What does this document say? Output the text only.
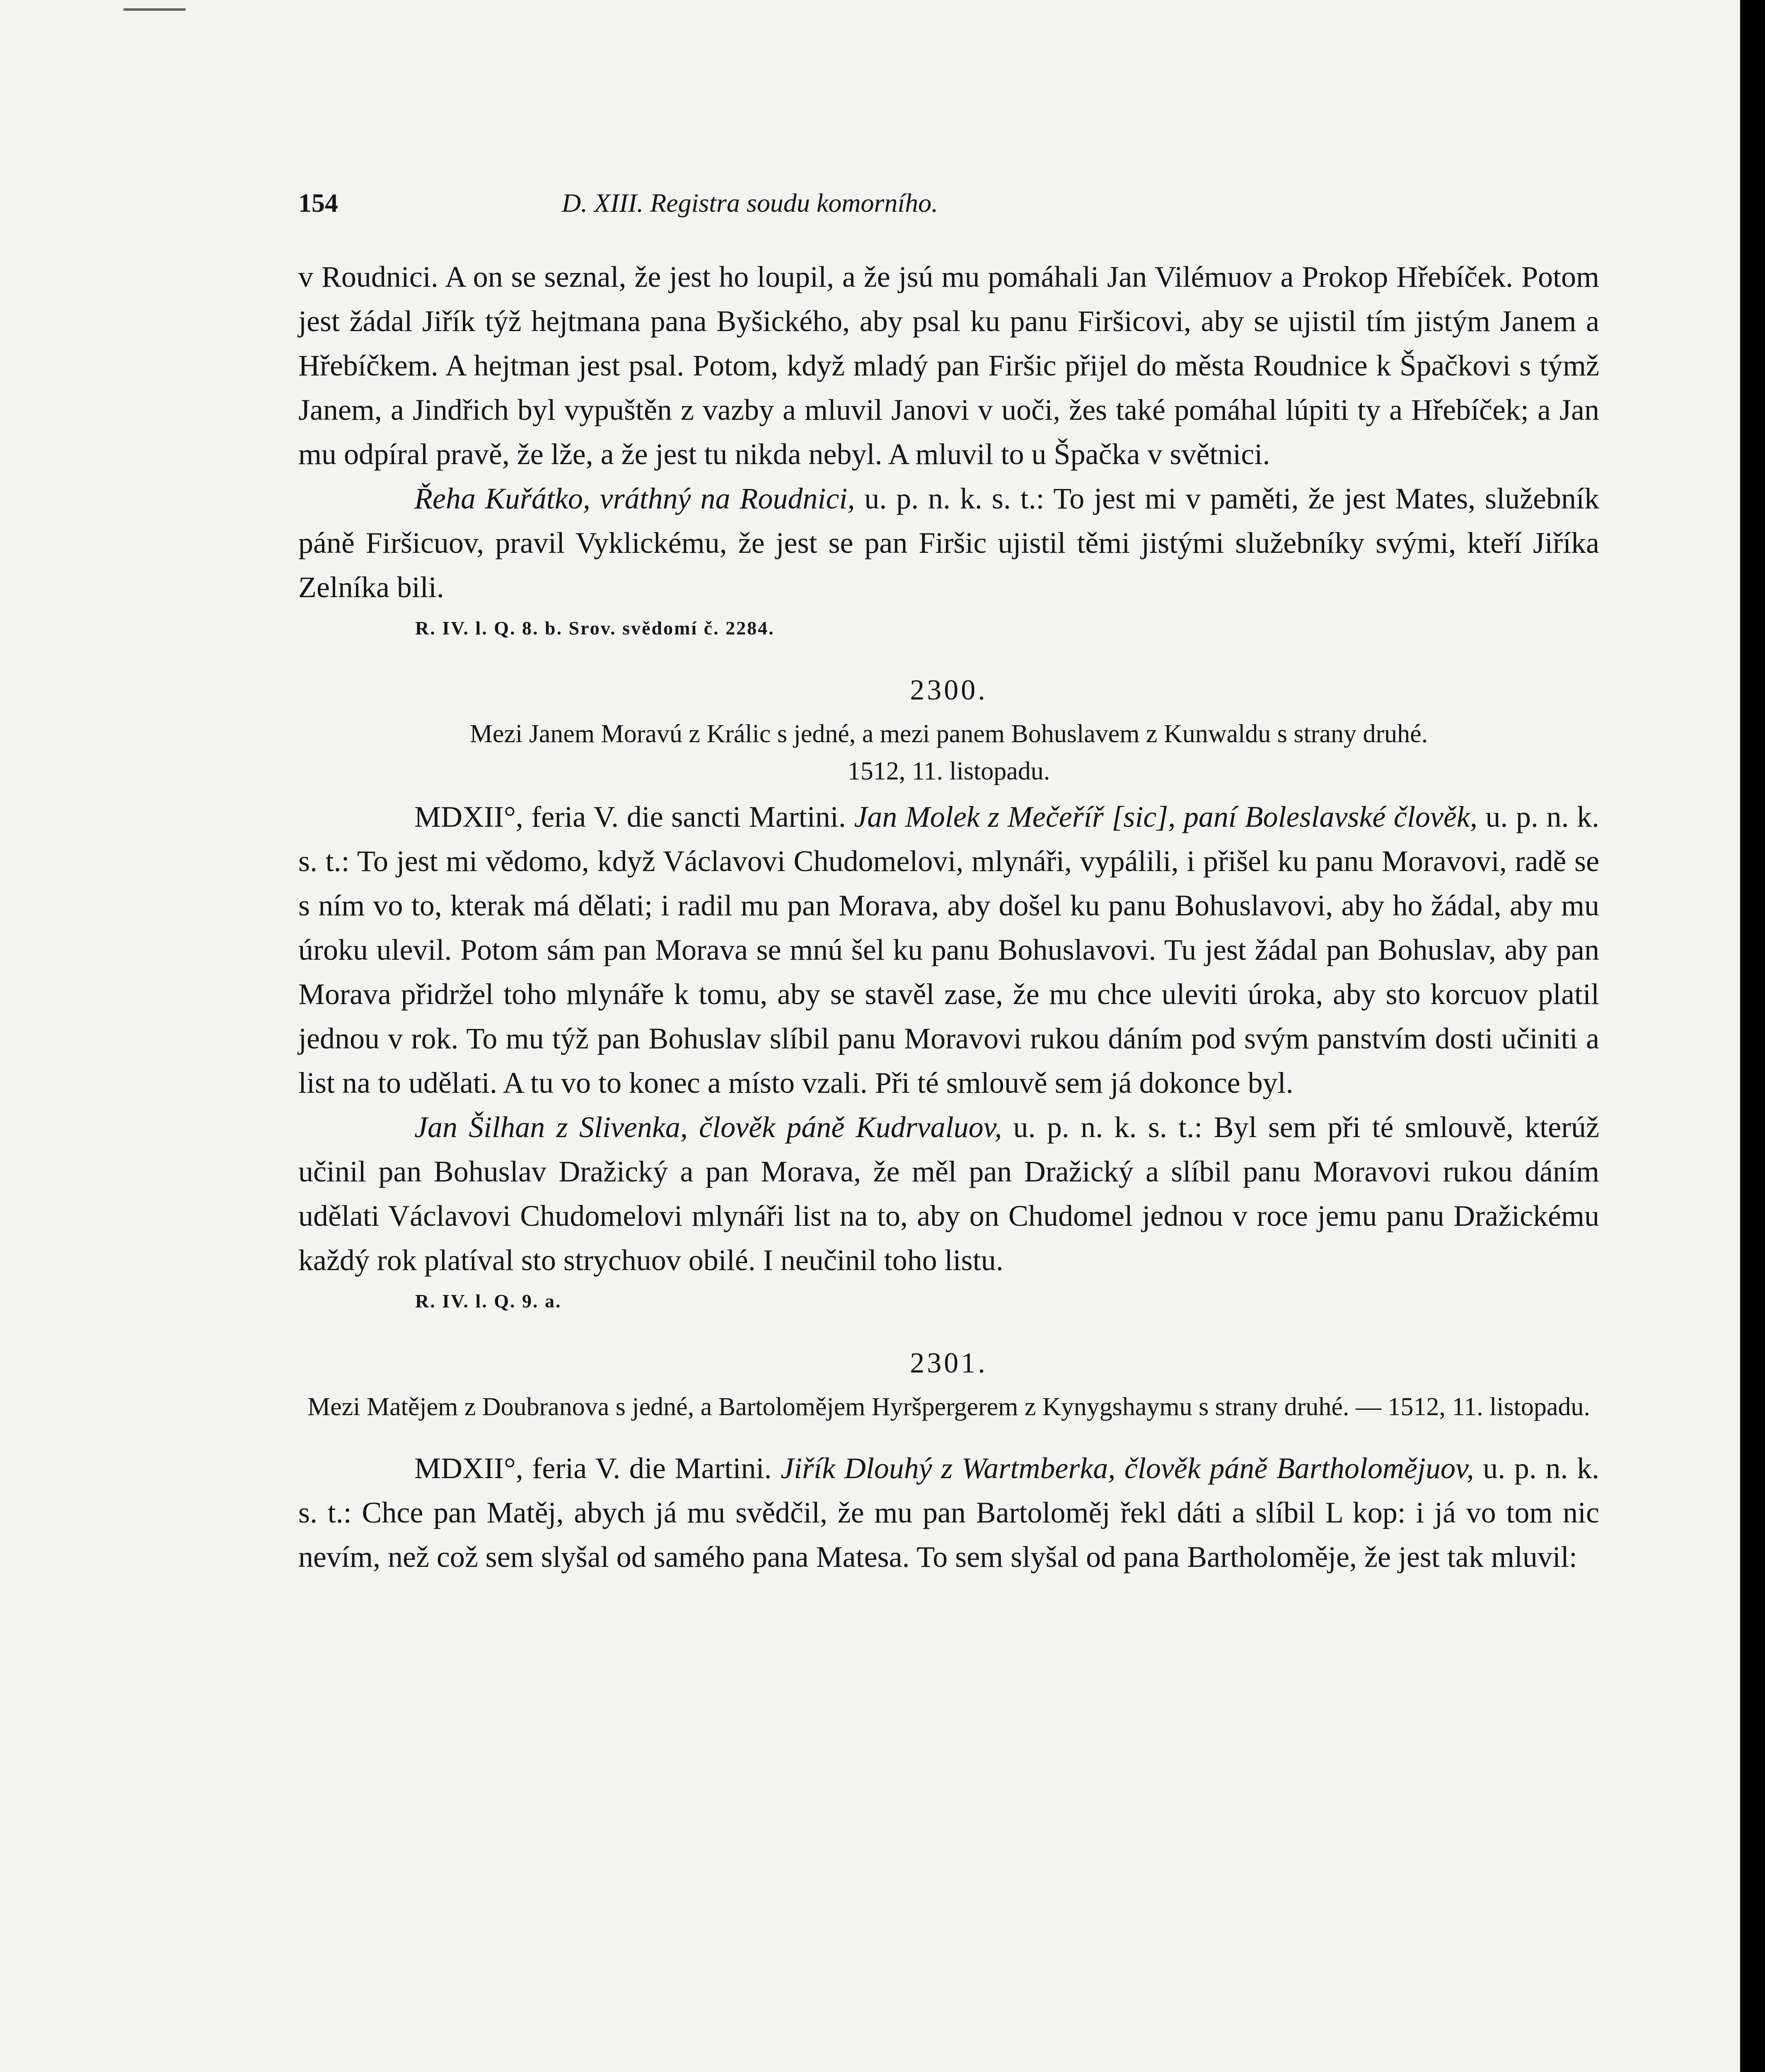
154	D. XIII. Registra soudu komorního.

v Roudnici. A on se seznal, že jest ho loupil, a že jsú mu pomáhali Jan Vilémuov a Prokop Hřebíček. Potom jest žádal Jiřík týž hejtmana pana Byšického, aby psal ku panu Firšicovi, aby se ujistil tím jistým Janem a Hřebíčkem. A hejtman jest psal. Potom, když mladý pan Firšic přijel do města Roudnice k Špačkovi s týmž Janem, a Jindřich byl vypuštěn z vazby a mluvil Janovi v uoči, žes také pomáhal lúpiti ty a Hřebíček; a Jan mu odpíral pravě, že lže, a že jest tu nikda nebyl. A mluvil to u Špačka v světnici.

Řeha Kuřátko, vráthný na Roudnici, u. p. n. k. s. t.: To jest mi v paměti, že jest Mates, služebník páně Firšicuov, pravil Vyklickému, že jest se pan Firšic ujistil těmi jistými služebníky svými, kteří Jiříka Zelníka bili.

R. IV. l. Q. 8. b. Srov. svědomí č. 2284.

2300.

Mezi Janem Moravú z Králic s jedné, a mezi panem Bohuslavem z Kunwaldu s strany druhé.

1512, 11. listopadu.

MDXII°, feria V. die sancti Martini. Jan Molek z Mečeříř [sic], paní Boleslavské člověk, u. p. n. k. s. t.: To jest mi vědomo, když Václavovi Chudomelovi, mlynáři, vypálili, i přišel ku panu Moravovi, radě se s ním vo to, kterak má dělati; i radil mu pan Morava, aby došel ku panu Bohuslavovi, aby ho žádal, aby mu úroku ulevil. Potom sám pan Morava se mnú šel ku panu Bohuslavovi. Tu jest žádal pan Bohuslav, aby pan Morava přidržel toho mlynáře k tomu, aby se stavěl zase, že mu chce uleviti úroka, aby sto korcuov platil jednou v rok. To mu týž pan Bohuslav slíbil panu Moravovi rukou dáním pod svým panstvím dosti učiniti a list na to udělati. A tu vo to konec a místo vzali. Při té smlouvě sem já dokonce byl.

Jan Šilhan z Slivenka, člověk páně Kudrvaluov, u. p. n. k. s. t.: Byl sem při té smlouvě, kterúž učinil pan Bohuslav Dražický a pan Morava, že měl pan Dražický a slíbil panu Moravovi rukou dáním udělati Václavovi Chudomelovi mlynáři list na to, aby on Chudomel jednou v roce jemu panu Dražickému každý rok platíval sto strychuov obilé. I neučinil toho listu.

R. IV. l. Q. 9. a.

2301.

Mezi Matějem z Doubranova s jedné, a Bartolomějem Hyršpergerem z Kynygshaymu s strany druhé. — 1512, 11. listopadu.

MDXII°, feria V. die Martini. Jiřík Dlouhý z Wartmberka, člověk páně Bartholomějuov, u. p. n. k. s. t.: Chce pan Matěj, abych já mu svědčil, že mu pan Bartoloměj řekl dáti a slíbil L kop: i já vo tom nic nevím, než což sem slyšal od samého pana Matesa. To sem slyšal od pana Bartholoměje, že jest tak mluvil:
